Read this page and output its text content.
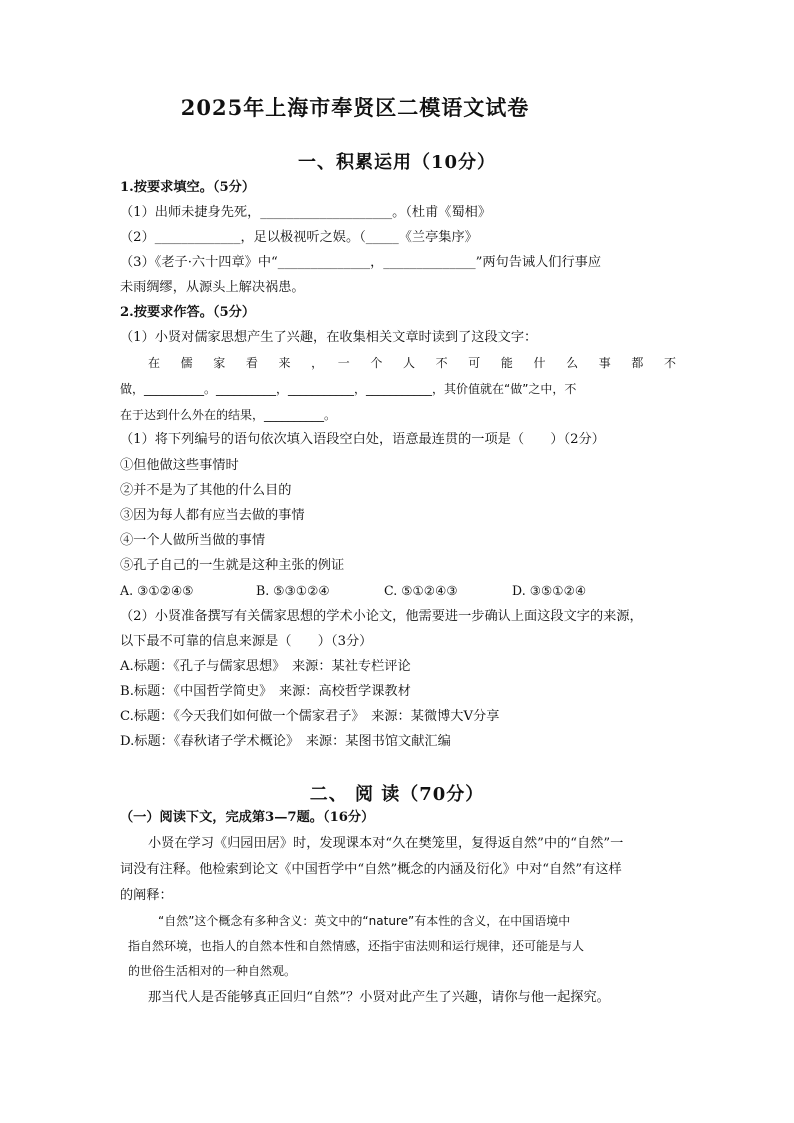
2025年上海市奉贤区二模语文试卷
一、积累运用（10分）
1.按要求填空。（5分）
（1）出师未捷身先死，____________________。（杜甫《蜀相》
（2）_____________，足以极视听之娱。（_____《兰亭集序》
（3）《老子·六十四章》中“______________，______________”两句告诫人们行事应
未雨绸缪，从源头上解决祸患。
2.按要求作答。（5分）
（1）小贤对儒家思想产生了兴趣，在收集相关文章时读到了这段文字：
在　儒　家　看　来　，　一　个　人　不　可　能　什　么　事　都　不
做，__________。__________，___________，___________，其价值就在“做”之中，不
在于达到什么外在的结果，__________。
（1）将下列编号的语句依次填入语段空白处，语意最连贯的一项是（　　）（2分）
①但他做这些事情时
②并不是为了其他的什么目的
③因为每人都有应当去做的事情
④一个人做所当做的事情
⑤孔子自己的一生就是这种主张的例证
A. ③①②④⑤	B. ⑤③①②④	C. ⑤①②④③	D. ③⑤①②④
（2）小贤准备撰写有关儒家思想的学术小论文，他需要进一步确认上面这段文字的来源，
以下最不可靠的信息来源是（　　）（3分）
A.标题：《孔子与儒家思想》　来源：某社专栏评论
B.标题：《中国哲学简史》　来源：高校哲学课教材
C.标题：《今天我们如何做一个儒家君子》　来源：某微博大V分享
D.标题：《春秋诸子学术概论》　来源：某图书馆文献汇编
二、 阅 读（70分）
（一）阅读下文，完成第3—7题。（16分）
小贤在学习《归园田居》时，发现课本对“久在樊笼里，复得返自然”中的“自然”一
词没有注释。他检索到论文《中国哲学中“自然”概念的内涵及衍化》中对“自然”有这样
的阐释：
“自然”这个概念有多种含义：英文中的“nature”有本性的含义，在中国语境中
指自然环境，也指人的自然本性和自然情感，还指宇宙法则和运行规律，还可能是与人
的世俗生活相对的一种自然观。
那当代人是否能够真正回归“自然”？小贤对此产生了兴趣，请你与他一起探究。
